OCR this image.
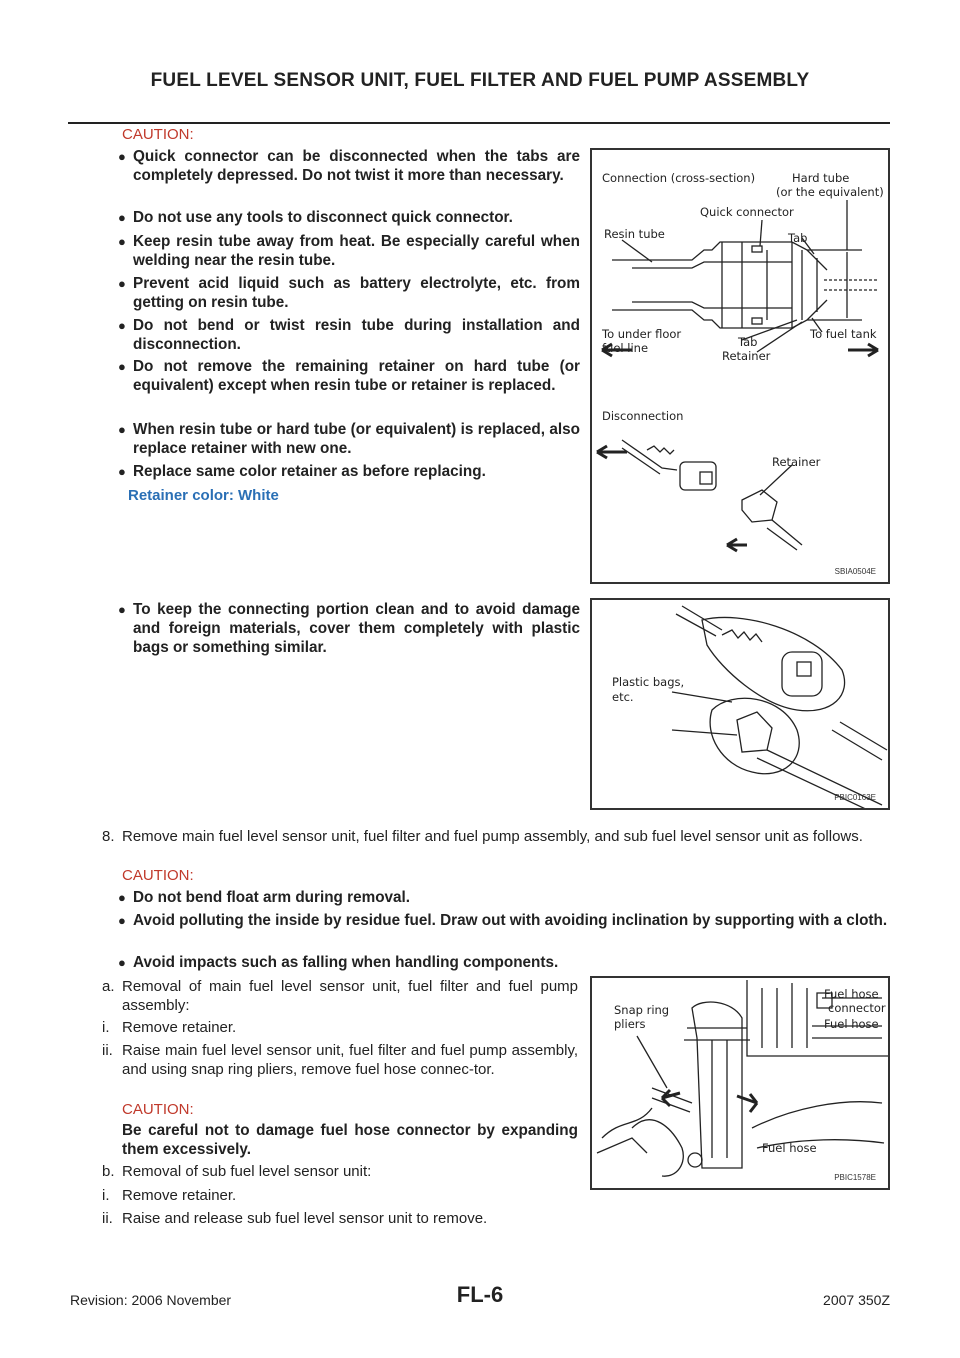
FUEL LEVEL SENSOR UNIT, FUEL FILTER AND FUEL PUMP ASSEMBLY
CAUTION:
● Quick connector can be disconnected when the tabs are completely depressed. Do not twist it more than necessary.
● Do not use any tools to disconnect quick connector.
● Keep resin tube away from heat. Be especially careful when welding near the resin tube.
● Prevent acid liquid such as battery electrolyte, etc. from getting on resin tube.
● Do not bend or twist resin tube during installation and disconnection.
● Do not remove the remaining retainer on hard tube (or equivalent) except when resin tube or retainer is replaced.
● When resin tube or hard tube (or equivalent) is replaced, also replace retainer with new one.
● Replace same color retainer as before replacing.
Retainer color: White
● To keep the connecting portion clean and to avoid damage and foreign materials, cover them completely with plastic bags or something similar.
Connection (cross-section)	Hard tube
(or the equivalent)
Quick connector
Resin tube	Tab
To under floor
fuel line	Tab
Retainer
To fuel tank
Disconnection
Retainer
SBIA0504E
Plastic bags,
etc.
PBIC0163E
8. Remove main fuel level sensor unit, fuel filter and fuel pump assembly, and sub fuel level sensor unit as follows.
CAUTION:
● Do not bend float arm during removal.
● Avoid polluting the inside by residue fuel. Draw out with avoiding inclination by supporting with a cloth.
● Avoid impacts such as falling when handling components.
a. Removal of main fuel level sensor unit, fuel filter and fuel pump assembly:
i. Remove retainer.
ii. Raise main fuel level sensor unit, fuel filter and fuel pump assembly, and using snap ring pliers, remove fuel hose connec-tor.
CAUTION:
Be careful not to damage fuel hose connector by expanding them excessively.
b. Removal of sub fuel level sensor unit:
i. Remove retainer.
ii. Raise and release sub fuel level sensor unit to remove.
Snap ring
pliers
Fuel hose
connector
Fuel hose
Fuel hose
PBIC1578E
Revision: 2006 November	FL-6	2007 350Z
